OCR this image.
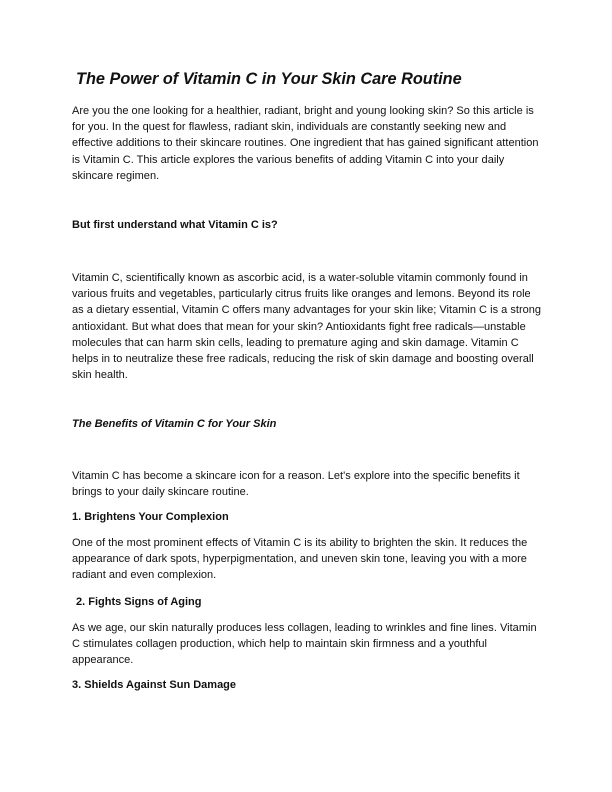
The Power of Vitamin C in Your Skin Care Routine

Are you the one looking for a healthier, radiant, bright and young looking skin? So this article is for you. In the quest for flawless, radiant skin, individuals are constantly seeking new and effective additions to their skincare routines. One ingredient that has gained significant attention is Vitamin C. This article explores the various benefits of adding Vitamin C into your daily skincare regimen.

But first understand what Vitamin C is?

Vitamin C, scientifically known as ascorbic acid, is a water-soluble vitamin commonly found in various fruits and vegetables, particularly citrus fruits like oranges and lemons. Beyond its role as a dietary essential, Vitamin C offers many advantages for your skin like; Vitamin C is a strong antioxidant. But what does that mean for your skin? Antioxidants fight free radicals—unstable molecules that can harm skin cells, leading to premature aging and skin damage. Vitamin C helps in to neutralize these free radicals, reducing the risk of skin damage and boosting overall skin health.

The Benefits of Vitamin C for Your Skin

Vitamin C has become a skincare icon for a reason. Let's explore into the specific benefits it brings to your daily skincare routine.

1. Brightens Your Complexion

One of the most prominent effects of Vitamin C is its ability to brighten the skin. It reduces the appearance of dark spots, hyperpigmentation, and uneven skin tone, leaving you with a more radiant and even complexion.

2. Fights Signs of Aging

As we age, our skin naturally produces less collagen, leading to wrinkles and fine lines. Vitamin C stimulates collagen production, which help to maintain skin firmness and a youthful appearance.

3. Shields Against Sun Damage
